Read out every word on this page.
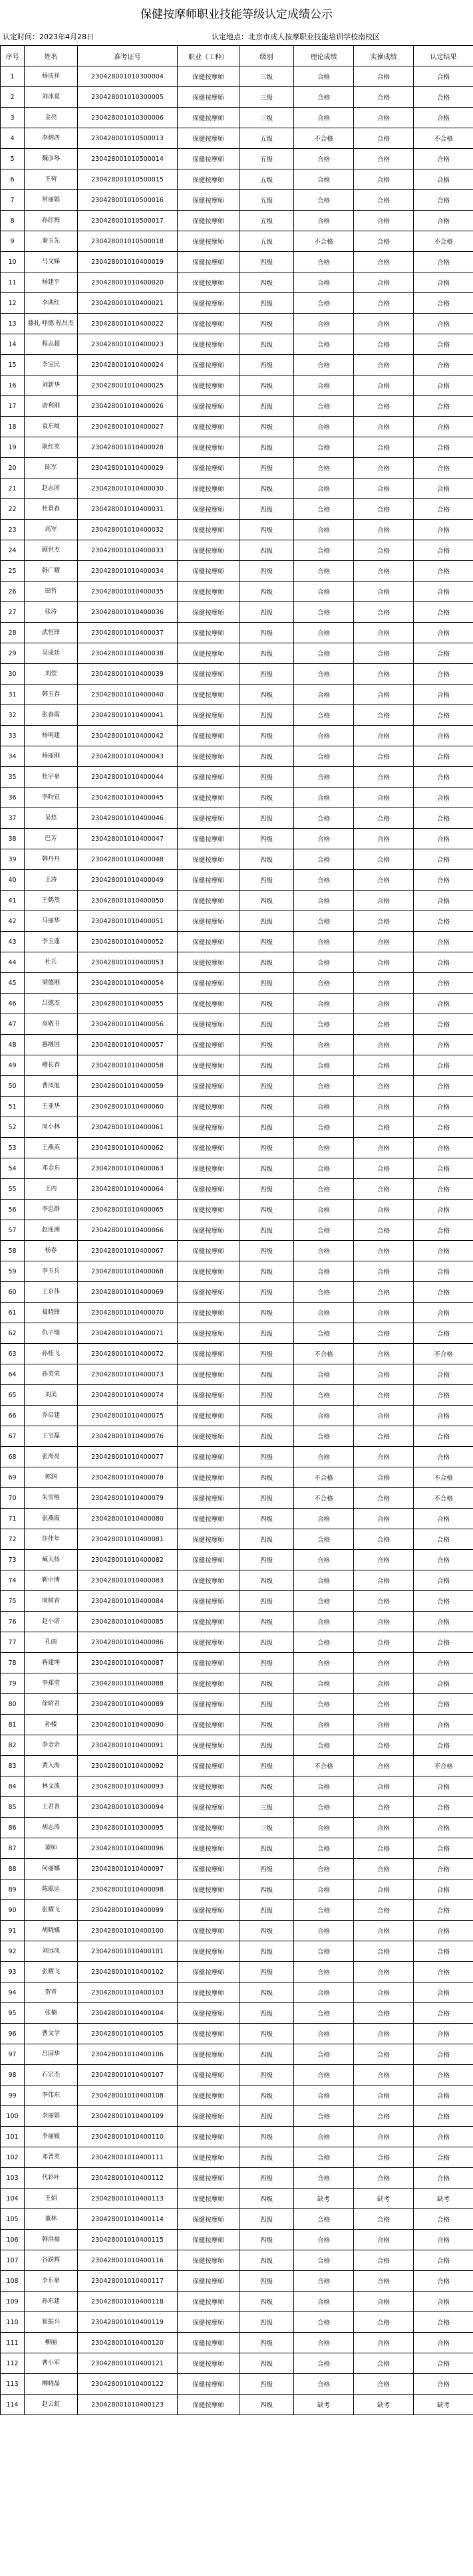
保健按摩师职业技能等级认定成绩公示
认定时间：2023年4月28日	认定地点：北京市成人按摩职业技能培训学校南校区
序号	姓名	准考证号	职业（工种）	级别	理论成绩	实操成绩	认定结果
1	杨庆祥	230428001010300004	保健按摩师	三级	合格	合格	合格
2	刘冰夏	230428001010300005	保健按摩师	三级	合格	合格	合格
3	金亮	230428001010300006	保健按摩师	三级	合格	合格	合格
4	李炳西	230428001010500013	保健按摩师	五级	不合格	合格	不合格
5	魏彦琴	230428001010500014	保健按摩师	五级	合格	合格	合格
6	王荷	230428001010500015	保健按摩师	五级	合格	合格	合格
7	常丽娟	230428001010500016	保健按摩师	五级	合格	合格	合格
8	孙红梅	230428001010500017	保健按摩师	五级	合格	合格	合格
9	秦玉先	230428001010500018	保健按摩师	五级	不合格	合格	不合格
10	马文娣	230428001010400019	保健按摩师	四级	合格	合格	合格
11	杨建平	230428001010400020	保健按摩师	四级	合格	合格	合格
12	李典红	230428001010400021	保健按摩师	四级	合格	合格	合格
13	滕扎·呼德·程昌杰	230428001010400022	保健按摩师	四级	合格	合格	合格
14	程志超	230428001010400023	保健按摩师	四级	合格	合格	合格
15	李宝民	230428001010400024	保健按摩师	四级	合格	合格	合格
16	刘新华	230428001010400025	保健按摩师	四级	合格	合格	合格
17	唐利刚	230428001010400026	保健按摩师	四级	合格	合格	合格
18	袁东岐	230428001010400027	保健按摩师	四级	合格	合格	合格
19	耿红英	230428001010400028	保健按摩师	四级	合格	合格	合格
20	陈军	230428001010400029	保健按摩师	四级	合格	合格	合格
21	赵志团	230428001010400030	保健按摩师	四级	合格	合格	合格
22	杜景春	230428001010400031	保健按摩师	四级	合格	合格	合格
23	高军	230428001010400032	保健按摩师	四级	合格	合格	合格
24	顾世杰	230428001010400033	保健按摩师	四级	合格	合格	合格
25	韩广耀	230428001010400034	保健按摩师	四级	合格	合格	合格
26	田哲	230428001010400035	保健按摩师	四级	合格	合格	合格
27	张涛	230428001010400036	保健按摩师	四级	合格	合格	合格
28	武恒锋	230428001010400037	保健按摩师	四级	合格	合格	合格
29	吴成廷	230428001010400038	保健按摩师	四级	合格	合格	合格
30	刘萱	230428001010400039	保健按摩师	四级	合格	合格	合格
31	韩玉春	230428001010400040	保健按摩师	四级	合格	合格	合格
32	张春霞	230428001010400041	保健按摩师	四级	合格	合格	合格
33	杨明建	230428001010400042	保健按摩师	四级	合格	合格	合格
34	杨丽刚	230428001010400043	保健按摩师	四级	合格	合格	合格
35	杜宇豪	230428001010400044	保健按摩师	四级	合格	合格	合格
36	李昀宣	230428001010400045	保健按摩师	四级	合格	合格	合格
37	吴悠	230428001010400046	保健按摩师	四级	合格	合格	合格
38	巴芳	230428001010400047	保健按摩师	四级	合格	合格	合格
39	韩丹丹	230428001010400048	保健按摩师	四级	合格	合格	合格
40	王涛	230428001010400049	保健按摩师	四级	合格	合格	合格
41	王鹤然	230428001010400050	保健按摩师	四级	合格	合格	合格
42	马丽华	230428001010400051	保健按摩师	四级	合格	合格	合格
43	李玉蓬	230428001010400052	保健按摩师	四级	合格	合格	合格
44	杜兵	230428001010400053	保健按摩师	四级	合格	合格	合格
45	梁德刚	230428001010400054	保健按摩师	四级	合格	合格	合格
46	吕德杰	230428001010400055	保健按摩师	四级	合格	合格	合格
47	高敬书	230428001010400056	保健按摩师	四级	合格	合格	合格
48	惠继国	230428001010400057	保健按摩师	四级	合格	合格	合格
49	檀长春	230428001010400058	保健按摩师	四级	合格	合格	合格
50	曹凤旭	230428001010400059	保健按摩师	四级	合格	合格	合格
51	王亚华	230428001010400060	保健按摩师	四级	合格	合格	合格
52	周小林	230428001010400061	保健按摩师	四级	合格	合格	合格
53	王燕英	230428001010400062	保健按摩师	四级	合格	合格	合格
54	邓金东	230428001010400063	保健按摩师	四级	合格	合格	合格
55	王丙	230428001010400064	保健按摩师	四级	合格	合格	合格
56	李忠群	230428001010400065	保健按摩师	四级	合格	合格	合格
57	赵连洲	230428001010400066	保健按摩师	四级	合格	合格	合格
58	杨春	230428001010400067	保健按摩师	四级	合格	合格	合格
59	李玉兵	230428001010400068	保健按摩师	四级	合格	合格	合格
60	王京伟	230428001010400069	保健按摩师	四级	合格	合格	合格
61	聂晓锋	230428001010400070	保健按摩师	四级	合格	合格	合格
62	仇子瑞	230428001010400071	保健按摩师	四级	合格	合格	合格
63	孙桂飞	230428001010400072	保健按摩师	四级	不合格	合格	不合格
64	孙英荣	230428001010400073	保健按摩师	四级	合格	合格	合格
65	刘美	230428001010400074	保健按摩师	四级	合格	合格	合格
66	乔启建	230428001010400075	保健按摩师	四级	合格	合格	合格
67	王宝磊	230428001010400076	保健按摩师	四级	合格	合格	合格
68	张海亮	230428001010400077	保健按摩师	四级	合格	合格	合格
69	郭润	230428001010400078	保健按摩师	四级	不合格	合格	不合格
70	朱雪维	230428001010400079	保健按摩师	四级	不合格	合格	不合格
71	张燕霞	230428001010400080	保健按摩师	四级	合格	合格	合格
72	许佳年	230428001010400081	保健按摩师	四级	合格	合格	合格
73	臧天扬	230428001010400082	保健按摩师	四级	合格	合格	合格
74	靳中博	230428001010400083	保健按摩师	四级	合格	合格	合格
75	周树青	230428001010400084	保健按摩师	四级	合格	合格	合格
76	赵小诺	230428001010400085	保健按摩师	四级	合格	合格	合格
77	孔雨	230428001010400086	保健按摩师	四级	合格	合格	合格
78	蒋建坤	230428001010400087	保健按摩师	四级	合格	合格	合格
79	李郑莹	230428001010400088	保健按摩师	四级	合格	合格	合格
80	徐昭君	230428001010400089	保健按摩师	四级	合格	合格	合格
81	孙楼	230428001010400090	保健按摩师	四级	合格	合格	合格
82	李金余	230428001010400091	保健按摩师	四级	合格	合格	合格
83	黄大海	230428001010400092	保健按摩师	四级	不合格	合格	不合格
84	林文波	230428001010400093	保健按摩师	四级	合格	合格	合格
85	王君善	230428001010300094	保健按摩师	三级	合格	合格	合格
86	胡志涛	230428001010300095	保健按摩师	三级	合格	合格	合格
87	谭帅	230428001010400096	保健按摩师	四级	合格	合格	合格
88	何丽娜	230428001010400097	保健按摩师	四级	合格	合格	合格
89	陈聪运	230428001010400098	保健按摩师	四级	合格	合格	合格
90	张耀飞	230428001010400099	保健按摩师	四级	合格	合格	合格
91	胡晓娜	230428001010400100	保健按摩师	四级	合格	合格	合格
92	刘远凤	230428001010400101	保健按摩师	四级	合格	合格	合格
93	张耀飞	230428001010400102	保健按摩师	四级	合格	合格	合格
94	贺青	230428001010400103	保健按摩师	四级	合格	合格	合格
95	张楠	230428001010400104	保健按摩师	四级	合格	合格	合格
96	曹文学	230428001010400105	保健按摩师	四级	合格	合格	合格
97	吕国华	230428001010400106	保健按摩师	四级	合格	合格	合格
98	石宗杰	230428001010400107	保健按摩师	四级	合格	合格	合格
99	李伟东	230428001010400108	保健按摩师	四级	合格	合格	合格
100	李丽娟	230428001010400109	保健按摩师	四级	合格	合格	合格
101	李丽媛	230428001010400110	保健按摩师	四级	合格	合格	合格
102	邓晋英	230428001010400111	保健按摩师	四级	合格	合格	合格
103	代彩叶	230428001010400112	保健按摩师	四级	合格	合格	合格
104	王娟	230428001010400113	保健按摩师	四级	缺考	缺考	缺考
105	董林	230428001010400114	保健按摩师	四级	合格	合格	合格
106	韩洪福	230428001010400115	保健按摩师	四级	合格	合格	合格
107	谷跃辉	230428001010400116	保健按摩师	四级	合格	合格	合格
108	李东豪	230428001010400117	保健按摩师	四级	合格	合格	合格
109	孙东建	230428001010400118	保健按摩师	四级	合格	合格	合格
110	崔振兴	230428001010400119	保健按摩师	四级	合格	合格	合格
111	柳丽	230428001010400120	保健按摩师	四级	合格	合格	合格
112	曹小军	230428001010400121	保健按摩师	四级	合格	合格	合格
113	柳晓晶	230428001010400122	保健按摩师	四级	合格	合格	合格
114	赵云虹	230428001010400123	保健按摩师	四级	缺考	缺考	缺考
